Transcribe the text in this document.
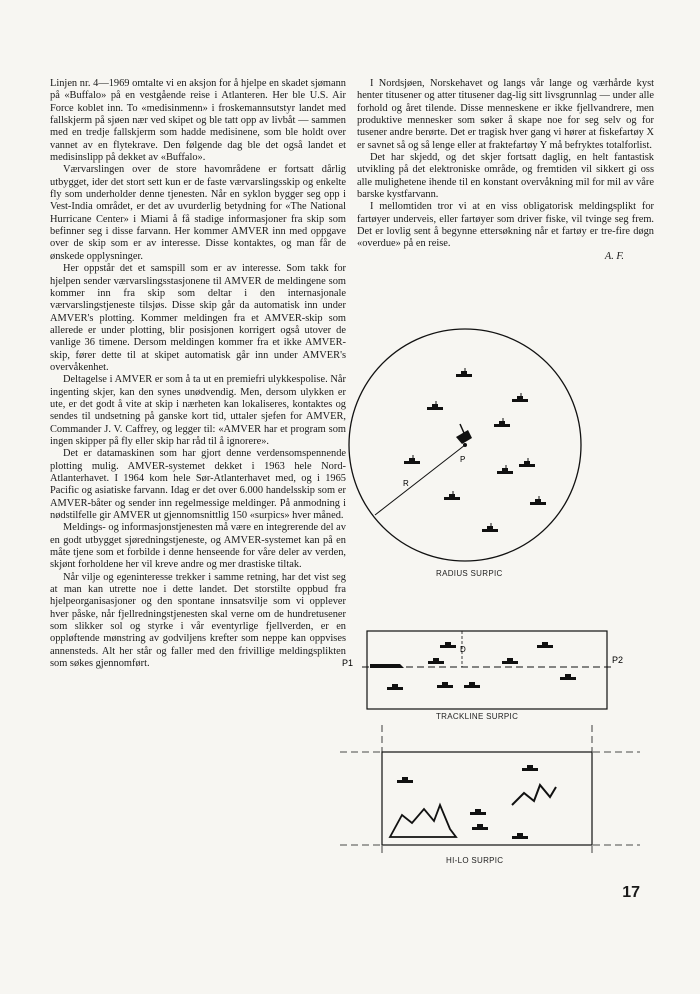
Linjen nr. 4—1969 omtalte vi en aksjon for å hjelpe en skadet sjømann på «Buffalo» på en vestgående reise i Atlanteren. Her ble U.S. Air Force koblet inn. To «medisinmenn» i froskemannsutstyr landet med fallskjerm på sjøen nær ved skipet og ble tatt opp av livbåt — sammen med en tredje fallskjerm som hadde medisinene, som ble holdt over vannet av en flytekrave. Den følgende dag ble det også landet et medisinslipp på dekket av «Buffalo».

Værvarslingen over de store havområdene er fortsatt dårlig utbygget, ider det stort sett kun er de faste værvarslingsskip og enkelte fly som underholder denne tjenesten. Når en syklon bygger seg opp i Vest-India området, er det av uvurderlig betydning for «The National Hurricane Center» i Miami å få stadige informasjoner fra skip som befinner seg i disse farvann. Her kommer AMVER inn med oppgave over de skip som er av interesse. Disse kontaktes, og man får de ønskede opplysninger.

Her oppstår det et samspill som er av interesse. Som takk for hjelpen sender værvarslingsstasjonene til AMVER de meldingene som kommer inn fra skip som deltar i den internasjonale værvarslingstjeneste tilsjøs. Disse skip går da automatisk inn under AMVER's plotting. Kommer meldingen fra et AMVER-skip som allerede er under plotting, blir posisjonen korrigert også utover de vanlige 36 timene. Dersom meldingen kommer fra et ikke AMVER-skip, fører dette til at skipet automatisk går inn under AMVER's overvåkenhet.

Deltagelse i AMVER er som å ta ut en premiefri ulykkespolise. Når ingenting skjer, kan den synes unødvendig. Men, dersom ulykken er ute, er det godt å vite at skip i nærheten kan lokaliseres, kontaktes og sendes til undsetning på ganske kort tid, uttaler sjefen for AMVER, Commander J. V. Caffrey, og legger til: «AMVER har et program som ingen skipper på fly eller skip har råd til å ignorere».

Det er datamaskinen som har gjort denne verdensomspennende plotting mulig. AMVER-systemet dekket i 1963 hele Nord-Atlanterhavet. I 1964 kom hele Sør-Atlanterhavet med, og i 1965 Pacific og asiatiske farvann. Idag er det over 6.000 handelsskip som er AMVER-båter og sender inn regelmessige meldinger. På anmodning i nødstilfelle gir AMVER ut gjennomsnittlig 150 «surpics» hver måned.

Meldings- og informasjonstjenesten må være en integrerende del av en godt utbygget sjøredningstjeneste, og AMVER-systemet kan på en måte tjene som et forbilde i denne henseende for våre deler av verden, skjønt forholdene her vil kreve andre og mer drastiske tiltak.

Når vilje og egeninteresse trekker i samme retning, har det vist seg at man kan utrette noe i dette landet. Det storstilte oppbud fra hjelpeorganisasjoner og den spontane innsatsvilje som vi opplever hver påske, når fjellredningstjenesten skal verne om de hundretusener som slikker sol og styrke i vår eventyrlige fjellverden, er en oppløftende mønstring av godviljens krefter som neppe kan oppvises annensteds. Alt her står og faller med den frivillige meldingsplikten som søkes gjennomført.

I Nordsjøen, Norskehavet og langs vår lange og værhårde kyst henter titusener og atter titusener dag-lig sitt livsgrunnlag — under alle forhold og året tilende. Disse menneskene er ikke fjellvandrere, men produktive mennesker som søker å skape noe for seg selv og for tusener andre berørte. Det er tragisk hver gang vi hører at fiskefartøy X er savnet så og så lenge eller at fraktefartøy Y må befryktes totalforlist.

Det har skjedd, og det skjer fortsatt daglig, en helt fantastisk utvikling på det elektroniske område, og fremtiden vil sikkert gi oss alle mulighetene ihende til en konstant overvåkning mil for mil av våre barske kystfarvann.

I mellomtiden tror vi at en viss obligatorisk meldingsplikt for fartøyer underveis, eller fartøyer som driver fiske, vil tvinge seg frem. Det er lovlig sent å begynne ettersøkning når et fartøy er tre-fire døgn «overdue» på en reise.

A. F.
R
P
RADIUS SURPIC
D
P1	P2
TRACKLINE SURPIC
HI-LO SURPIC
17
